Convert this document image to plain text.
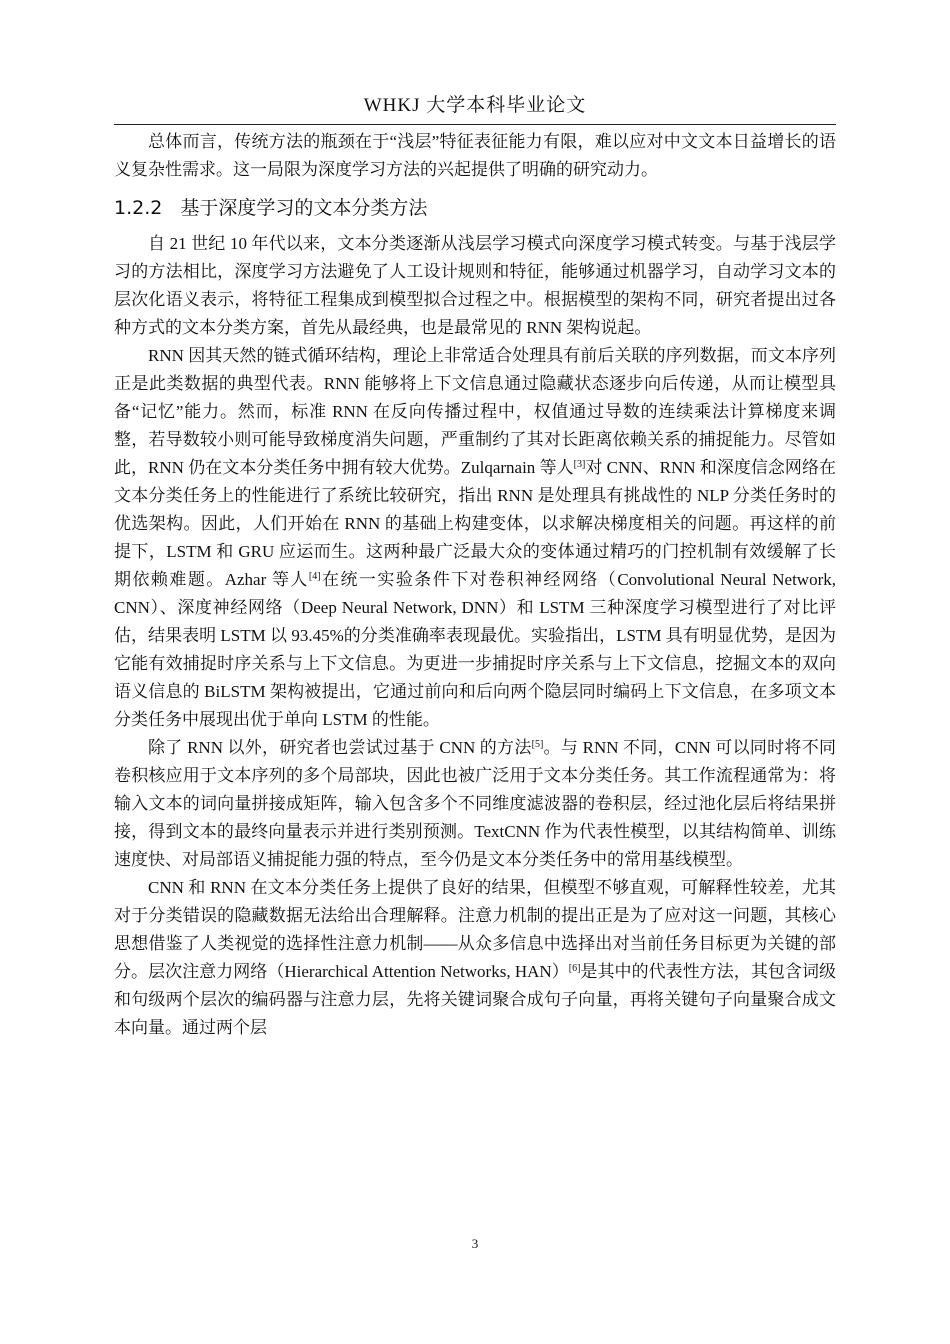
WHKJ 大学本科毕业论文

总体而言，传统方法的瓶颈在于“浅层”特征表征能力有限，难以应对中文文本日益增长的语义复杂性需求。这一局限为深度学习方法的兴起提供了明确的研究动力。

1.2.2 基于深度学习的文本分类方法

自 21 世纪 10 年代以来，文本分类逐渐从浅层学习模式向深度学习模式转变。与基于浅层学习的方法相比，深度学习方法避免了人工设计规则和特征，能够通过机器学习，自动学习文本的层次化语义表示，将特征工程集成到模型拟合过程之中。根据模型的架构不同，研究者提出过各种方式的文本分类方案，首先从最经典，也是最常见的 RNN 架构说起。

RNN 因其天然的链式循环结构，理论上非常适合处理具有前后关联的序列数据，而文本序列正是此类数据的典型代表。RNN 能够将上下文信息通过隐藏状态逐步向后传递，从而让模型具备“记忆”能力。然而，标准 RNN 在反向传播过程中，权值通过导数的连续乘法计算梯度来调整，若导数较小则可能导致梯度消失问题，严重制约了其对长距离依赖关系的捕捉能力。尽管如此，RNN 仍在文本分类任务中拥有较大优势。Zulqarnain 等人[3]对 CNN、RNN 和深度信念网络在文本分类任务上的性能进行了系统比较研究，指出 RNN 是处理具有挑战性的 NLP 分类任务时的优选架构。因此，人们开始在 RNN 的基础上构建变体，以求解决梯度相关的问题。再这样的前提下，LSTM 和 GRU 应运而生。这两种最广泛最大众的变体通过精巧的门控机制有效缓解了长期依赖难题。Azhar 等人[4]在统一实验条件下对卷积神经网络（Convolutional Neural Network, CNN）、深度神经网络（Deep Neural Network, DNN）和 LSTM 三种深度学习模型进行了对比评估，结果表明 LSTM 以 93.45%的分类准确率表现最优。实验指出，LSTM 具有明显优势，是因为它能有效捕捉时序关系与上下文信息。为更进一步捕捉时序关系与上下文信息，挖掘文本的双向语义信息的 BiLSTM 架构被提出，它通过前向和后向两个隐层同时编码上下文信息，在多项文本分类任务中展现出优于单向 LSTM 的性能。

除了 RNN 以外，研究者也尝试过基于 CNN 的方法[5]。与 RNN 不同，CNN 可以同时将不同卷积核应用于文本序列的多个局部块，因此也被广泛用于文本分类任务。其工作流程通常为：将输入文本的词向量拼接成矩阵，输入包含多个不同维度滤波器的卷积层，经过池化层后将结果拼接，得到文本的最终向量表示并进行类别预测。TextCNN 作为代表性模型，以其结构简单、训练速度快、对局部语义捕捉能力强的特点，至今仍是文本分类任务中的常用基线模型。

CNN 和 RNN 在文本分类任务上提供了良好的结果，但模型不够直观，可解释性较差，尤其对于分类错误的隐藏数据无法给出合理解释。注意力机制的提出正是为了应对这一问题，其核心思想借鉴了人类视觉的选择性注意力机制——从众多信息中选择出对当前任务目标更为关键的部分。层次注意力网络（Hierarchical Attention Networks, HAN）[6]是其中的代表性方法，其包含词级和句级两个层次的编码器与注意力层，先将关键词聚合成句子向量，再将关键句子向量聚合成文本向量。通过两个层

3
